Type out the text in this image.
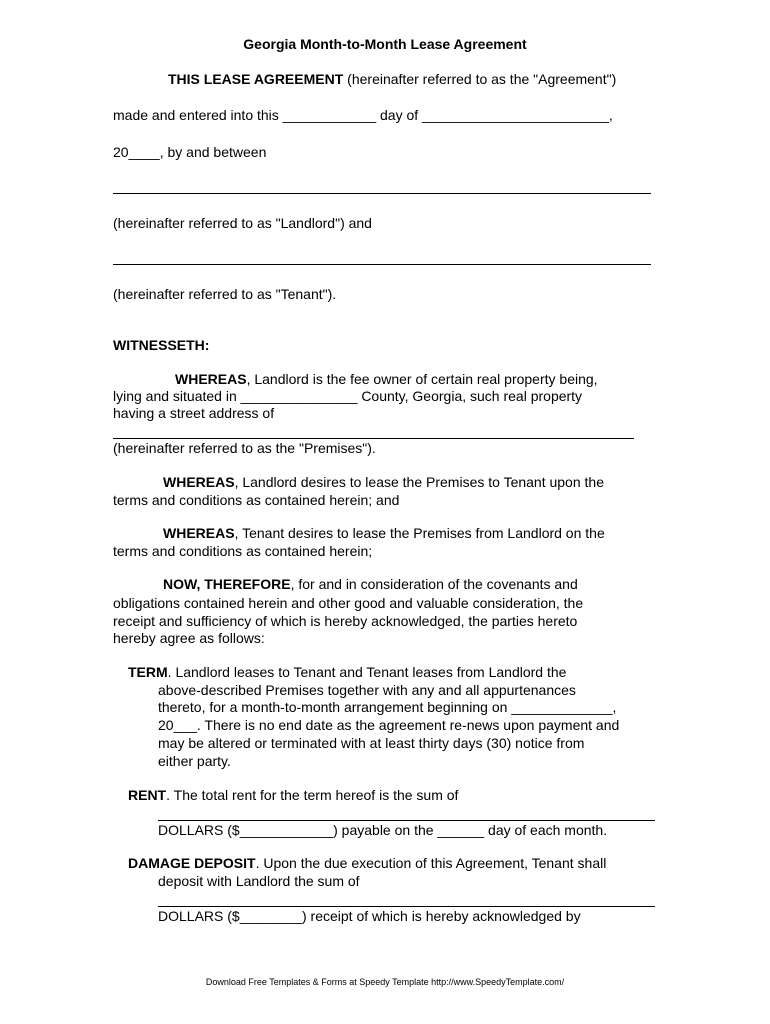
Georgia Month-to-Month Lease Agreement
THIS LEASE AGREEMENT (hereinafter referred to as the "Agreement")
made and entered into this ____________ day of ________________________,
20____, by and between
(hereinafter referred to as "Landlord") and
(hereinafter referred to as "Tenant").
WITNESSETH:
WHEREAS, Landlord is the fee owner of certain real property being,
lying and situated in _______________ County, Georgia, such real property
having a street address of
(hereinafter referred to as the "Premises").
WHEREAS, Landlord desires to lease the Premises to Tenant upon the
terms and conditions as contained herein; and
WHEREAS, Tenant desires to lease the Premises from Landlord on the
terms and conditions as contained herein;
NOW, THEREFORE, for and in consideration of the covenants and
obligations contained herein and other good and valuable consideration, the
receipt and sufficiency of which is hereby acknowledged, the parties hereto
hereby agree as follows:
TERM. Landlord leases to Tenant and Tenant leases from Landlord the
above-described Premises together with any and all appurtenances
thereto, for a month-to-month arrangement beginning on _____________,
20___. There is no end date as the agreement re-news upon payment and
may be altered or terminated with at least thirty days (30) notice from
either party.
RENT. The total rent for the term hereof is the sum of
DOLLARS ($____________) payable on the ______ day of each month.
DAMAGE DEPOSIT. Upon the due execution of this Agreement, Tenant shall
deposit with Landlord the sum of
DOLLARS ($________) receipt of which is hereby acknowledged by
Download Free Templates & Forms at Speedy Template http://www.SpeedyTemplate.com/
